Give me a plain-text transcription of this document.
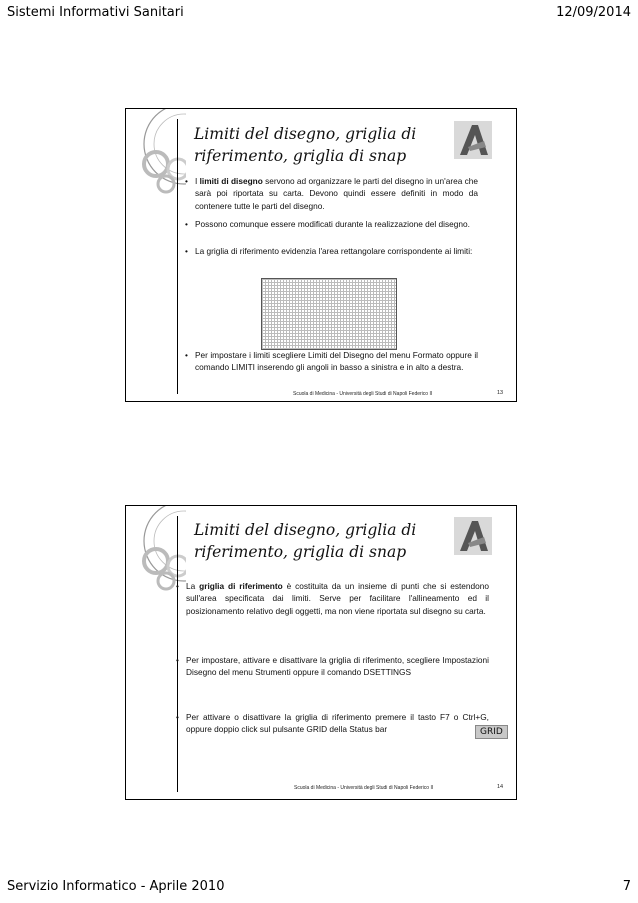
Sistemi Informativi Sanitari	12/09/2014
Limiti del disegno, griglia di
riferimento, griglia di snap
• I limiti di disegno servono ad organizzare le parti del disegno in un'area che sarà poi riportata su carta. Devono quindi essere definiti in modo da contenere tutte le parti del disegno.
• Possono comunque essere modificati durante la realizzazione del disegno.
• La griglia di riferimento evidenzia l'area rettangolare corrispondente ai limiti:
• Per impostare i limiti scegliere Limiti del Disegno del menu Formato oppure il comando LIMITI inserendo gli angoli in basso a sinistra e in alto a destra.
Scuola di Medicina - Università degli Studi di Napoli Federico II	13
Limiti del disegno, griglia di
riferimento, griglia di snap
• La griglia di riferimento è costituita da un insieme di punti che si estendono sull'area specificata dai limiti. Serve per facilitare l'allineamento ed il posizionamento relativo degli oggetti, ma non viene riportata sul disegno su carta.
• Per impostare, attivare e disattivare la griglia di riferimento, scegliere Impostazioni Disegno del menu Strumenti oppure il comando DSETTINGS
• Per attivare o disattivare la griglia di riferimento premere il tasto F7 o Ctrl+G, oppure doppio click sul pulsante GRID della Status bar	GRID
Scuola di Medicina - Università degli Studi di Napoli Federico II	14
Servizio Informatico - Aprile 2010	7
